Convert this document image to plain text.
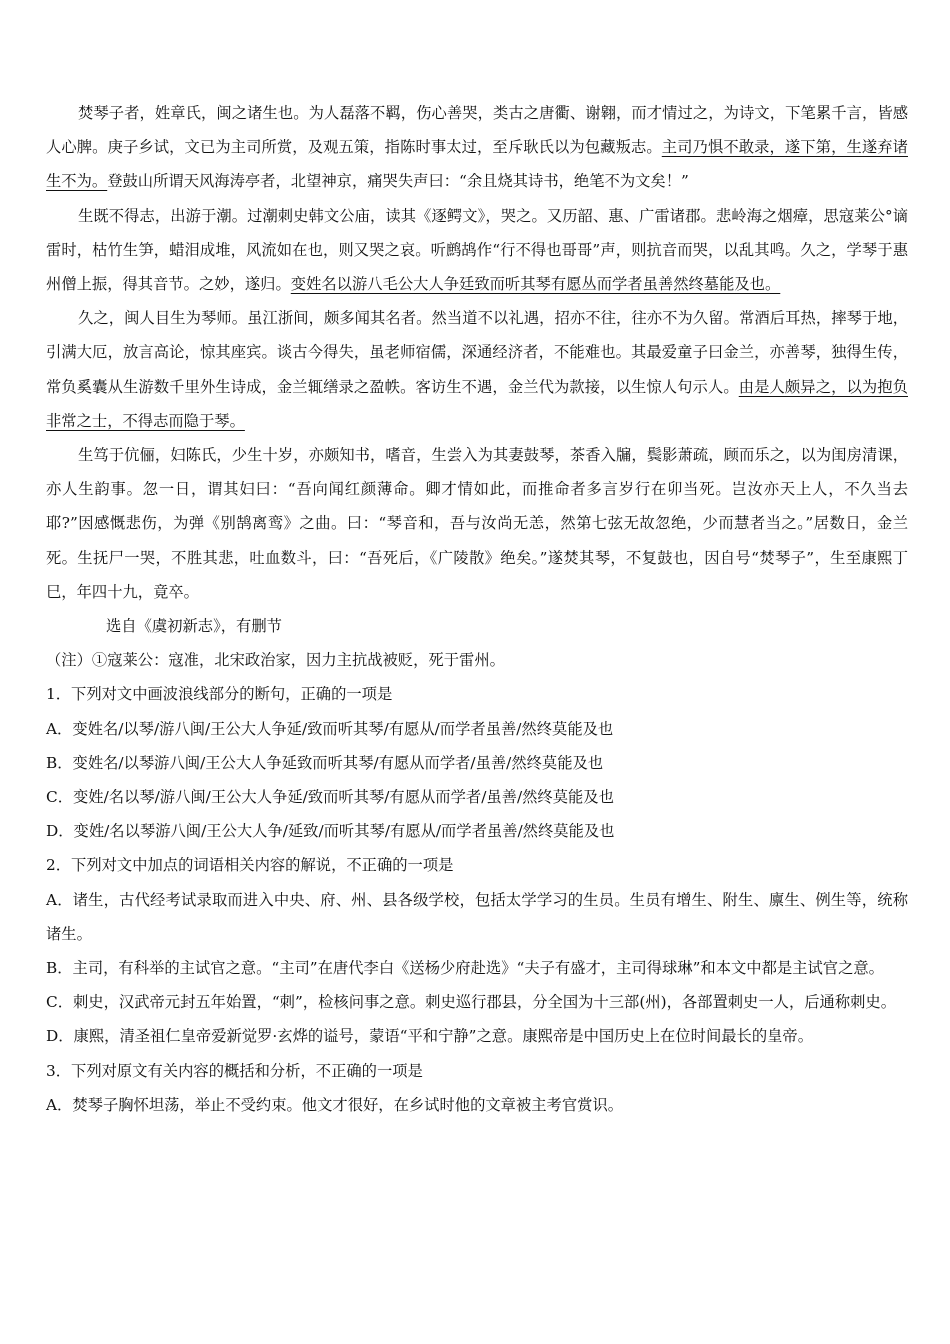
焚琴子者，姓章氏，闽之诸生也。为人磊落不羁，伤心善哭，类古之唐衢、谢翱，而才情过之，为诗文，下笔累千言，皆感人心脾。庚子乡试，文已为主司所赏，及观五策，指陈时事太过，至斥耿氏以为包藏叛志。主司乃惧不敢录，遂下第，生遂弃诸生不为。登鼓山所谓天风海涛亭者，北望神京，痛哭失声曰：“余且烧其诗书，绝笔不为文矣！”

生既不得志，出游于潮。过潮刺史韩文公庙，读其《逐鳄文》，哭之。又历韶、惠、广雷诸郡。悲岭海之烟瘴，思寇莱公°谪雷时，枯竹生笋，蜡泪成堆，风流如在也，则又哭之哀。听鹧鸪作“行不得也哥哥”声，则抗音而哭，以乱其鸣。久之，学琴于惠州僧上振，得其音节。之妙，遂归。变姓名以游八毛公大人争廷致而听其琴有愿丛而学者虽善然终墓能及也。

久之，闽人目生为琴师。虽江浙间，颇多闻其名者。然当道不以礼遇，招亦不往，往亦不为久留。常酒后耳热，摔琴于地，引满大厄，放言高论，惊其座宾。谈古今得失，虽老师宿儒，深通经济者，不能难也。其最爱童子曰金兰，亦善琴，独得生传，常负奚囊从生游数千里外生诗成，金兰辄缮录之盈帙。客访生不遇，金兰代为款接，以生惊人句示人。由是人颇异之，以为抱负非常之士，不得志而隐于琴。

生笃于伉俪，妇陈氏，少生十岁，亦颇知书，嗜音，生尝入为其妻鼓琴，茶香入牖，鬓影萧疏，顾而乐之，以为闺房清课，亦人生韵事。忽一日，谓其妇曰：“吾向闻红颜薄命。卿才情如此，而推命者多言岁行在卯当死。岂汝亦天上人，不久当去耶?”因感慨悲伤，为弹《别鹄离鸾》之曲。曰：“琴音和，吾与汝尚无恙，然第七弦无故忽绝，少而慧者当之。”居数日，金兰死。生抚尸一哭，不胜其悲，吐血数斗，曰：“吾死后，《广陵散》绝矣。”遂焚其琴，不复鼓也，因自号“焚琴子”，生至康熙丁巳，年四十九，竟卒。

选自《虞初新志》，有删节

（注）①寇莱公：寇准，北宋政治家，因力主抗战被贬，死于雷州。

1．下列对文中画波浪线部分的断句，正确的一项是

A．变姓名/以琴/游八闽/王公大人争延/致而听其琴/有愿从/而学者虽善/然终莫能及也

B．变姓名/以琴游八闽/王公大人争延致而听其琴/有愿从而学者/虽善/然终莫能及也

C．变姓/名以琴/游八闽/王公大人争延/致而听其琴/有愿从而学者/虽善/然终莫能及也

D．变姓/名以琴游八闽/王公大人争/延致/而听其琴/有愿从/而学者虽善/然终莫能及也

2．下列对文中加点的词语相关内容的解说，不正确的一项是

A．诸生，古代经考试录取而进入中央、府、州、县各级学校，包括太学学习的生员。生员有增生、附生、廪生、例生等，统称诸生。

B．主司，有科举的主试官之意。“主司”在唐代李白《送杨少府赴选》“夫子有盛才，主司得球琳”和本文中都是主试官之意。

C．刺史，汉武帝元封五年始置，“刺”，检核问事之意。刺史巡行郡县，分全国为十三部(州)，各部置刺史一人，后通称刺史。

D．康熙，清圣祖仁皇帝爱新觉罗·玄烨的谥号，蒙语“平和宁静”之意。康熙帝是中国历史上在位时间最长的皇帝。

3．下列对原文有关内容的概括和分析，不正确的一项是

A．焚琴子胸怀坦荡，举止不受约束。他文才很好，在乡试时他的文章被主考官赏识。
